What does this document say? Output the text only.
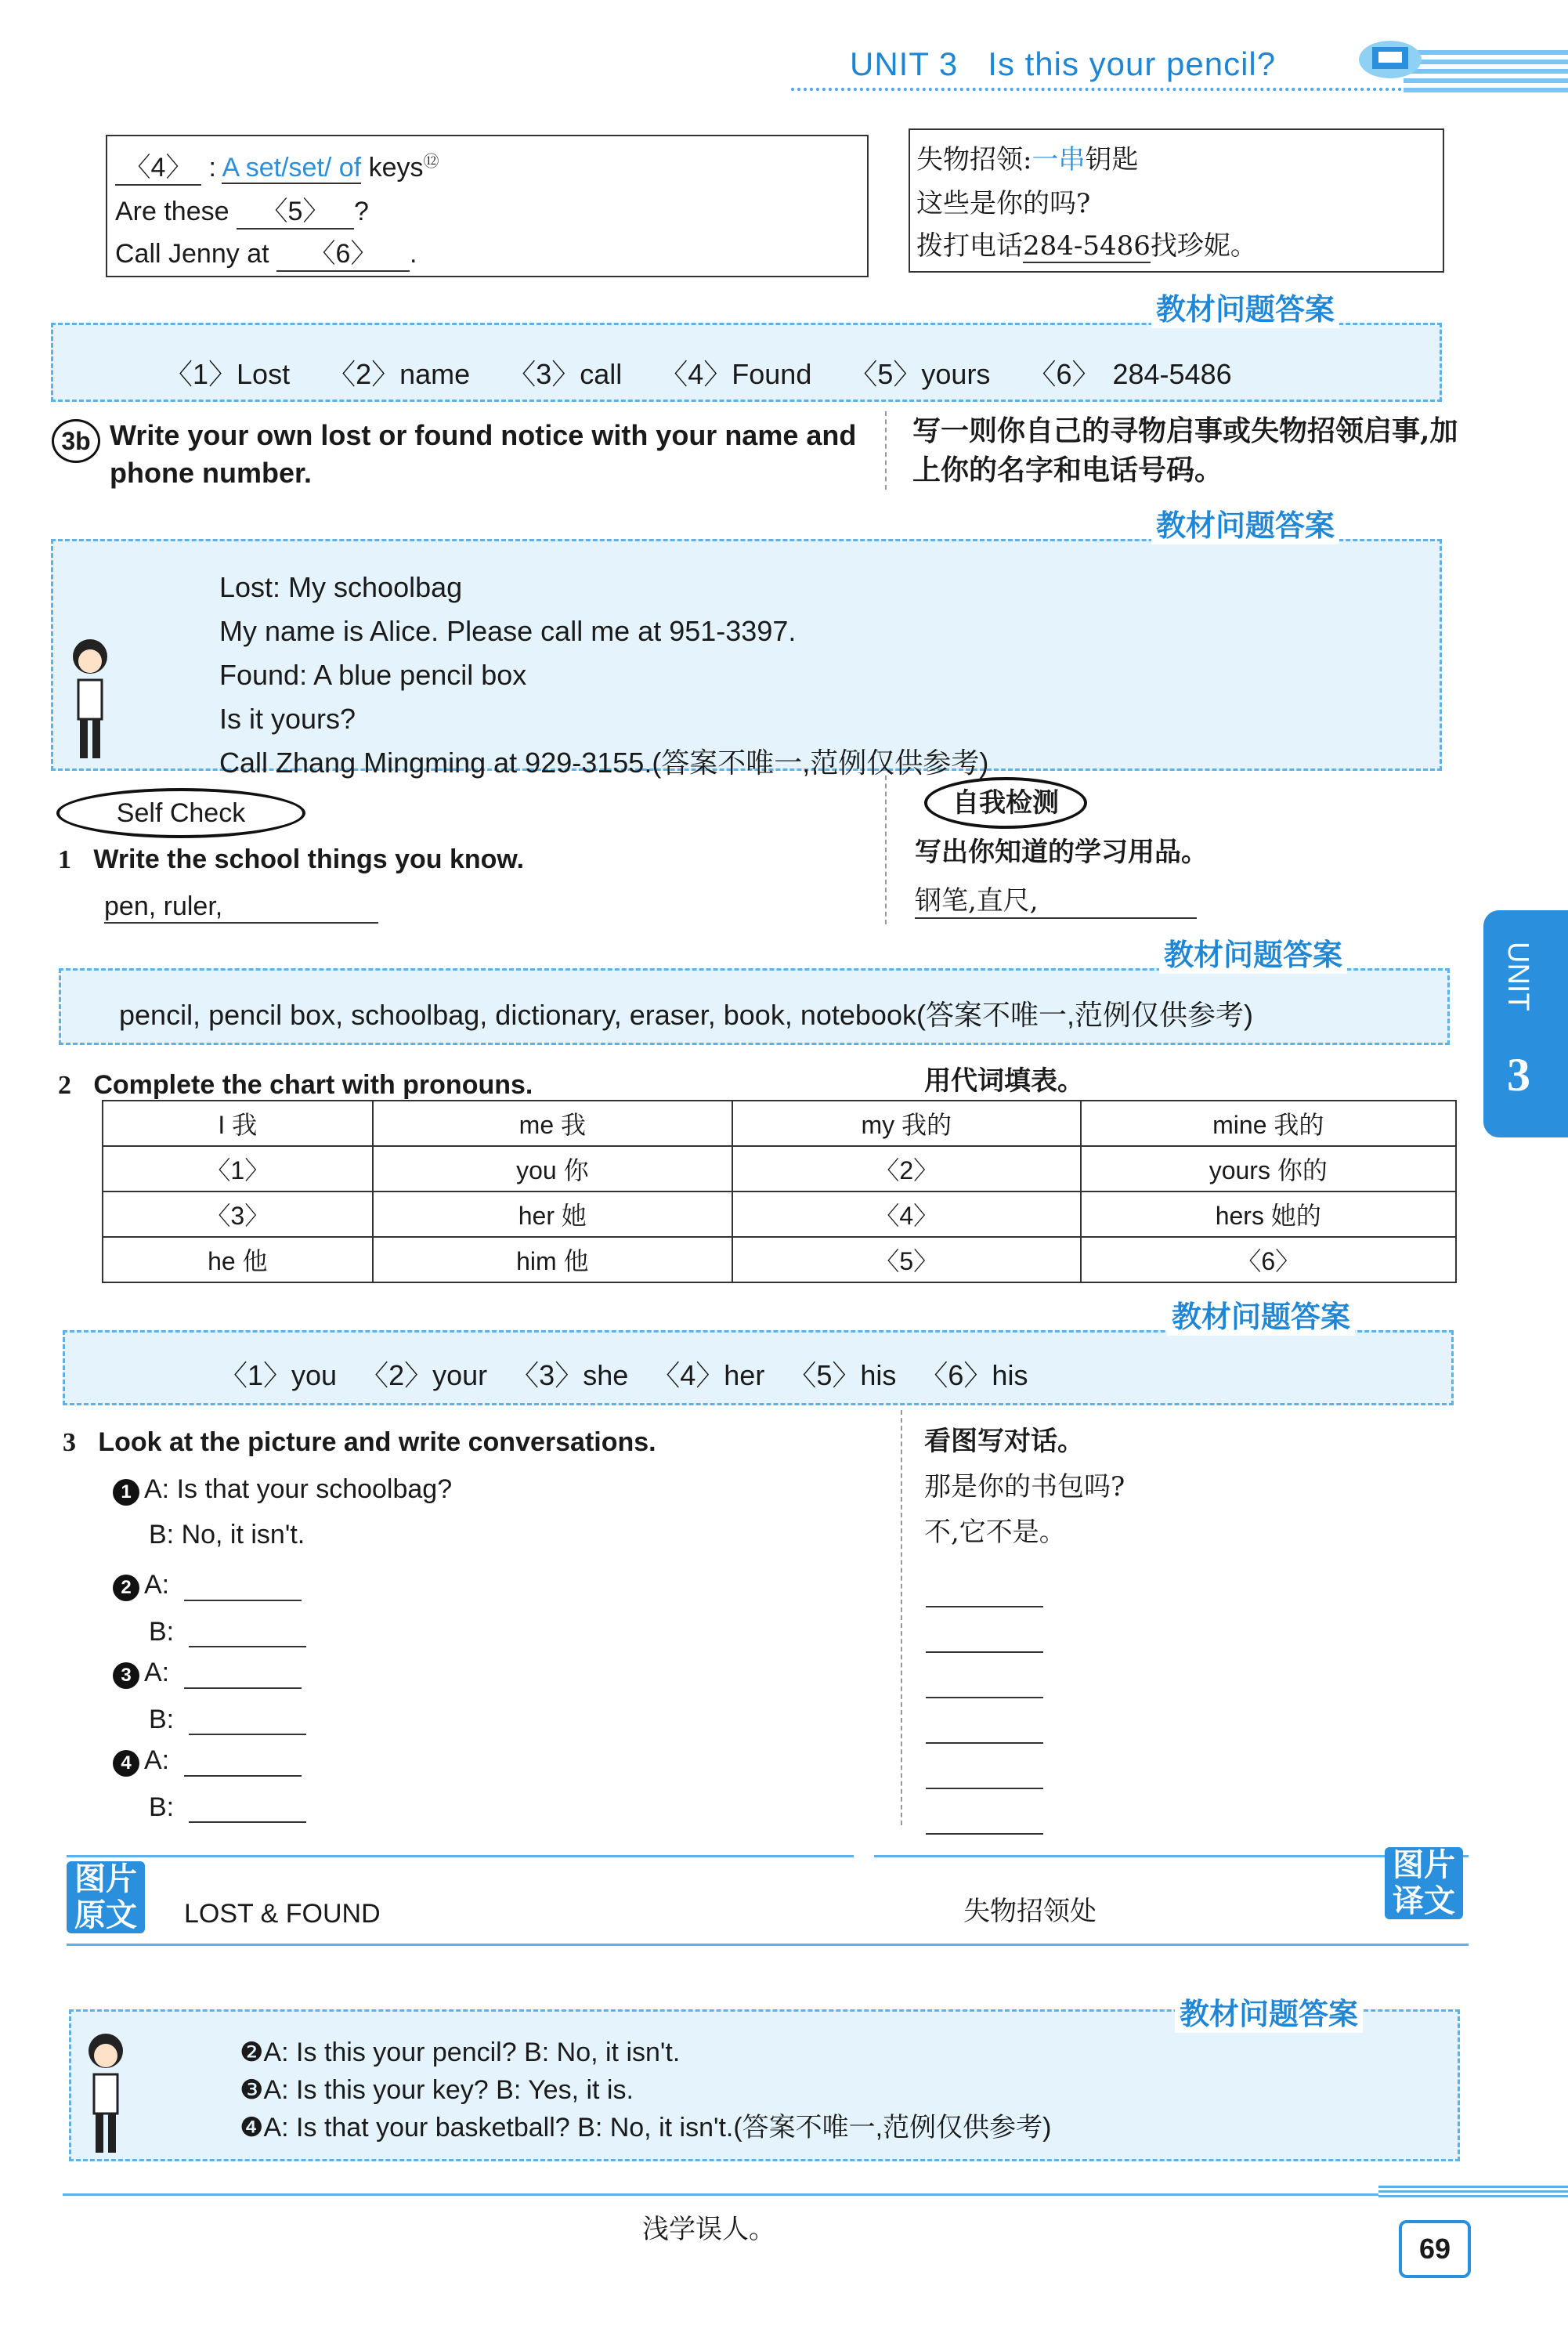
UNIT 3 Is this your pencil?
〈4〉 : A set/set/ of keys⑫
Are these 〈5〉 ?
Call Jenny at 〈6〉 .
失物招领:一串钥匙
这些是你的吗?
拨打电话284-5486找珍妮。
教材问题答案
〈1〉Lost 〈2〉name 〈3〉call 〈4〉Found 〈5〉yours 〈6〉 284-5486
3b Write your own lost or found notice with your name and phone number.
写一则你自己的寻物启事或失物招领启事,加上你的名字和电话号码。
教材问题答案
Lost: My schoolbag
My name is Alice. Please call me at 951-3397.
Found: A blue pencil box
Is it yours?
Call Zhang Mingming at 929-3155.(答案不唯一,范例仅供参考)
Self Check	自我检测
1 Write the school things you know.	写出你知道的学习用品。
pen, ruler,	钢笔,直尺,
教材问题答案
pencil, pencil box, schoolbag, dictionary, eraser, book, notebook(答案不唯一,范例仅供参考)
2 Complete the chart with pronouns.	用代词填表。
I 我	me 我	my 我的	mine 我的
〈1〉	you 你	〈2〉	yours 你的
〈3〉	her 她	〈4〉	hers 她的
he 他	him 他	〈5〉	〈6〉
教材问题答案
〈1〉you 〈2〉your 〈3〉she 〈4〉her 〈5〉his 〈6〉his
3 Look at the picture and write conversations.	看图写对话。
1 A: Is that your schoolbag?
B: No, it isn't.
那是你的书包吗?
不,它不是。
2 A:
B:
3 A:
B:
4 A:
B:
图片
原文 LOST & FOUND	失物招领处
图片
译文
教材问题答案
❷A: Is this your pencil? B: No, it isn't.
❸A: Is this your key? B: Yes, it is.
❹A: Is that your basketball? B: No, it isn't.(答案不唯一,范例仅供参考)
浅学误人。
69
UNIT
3
